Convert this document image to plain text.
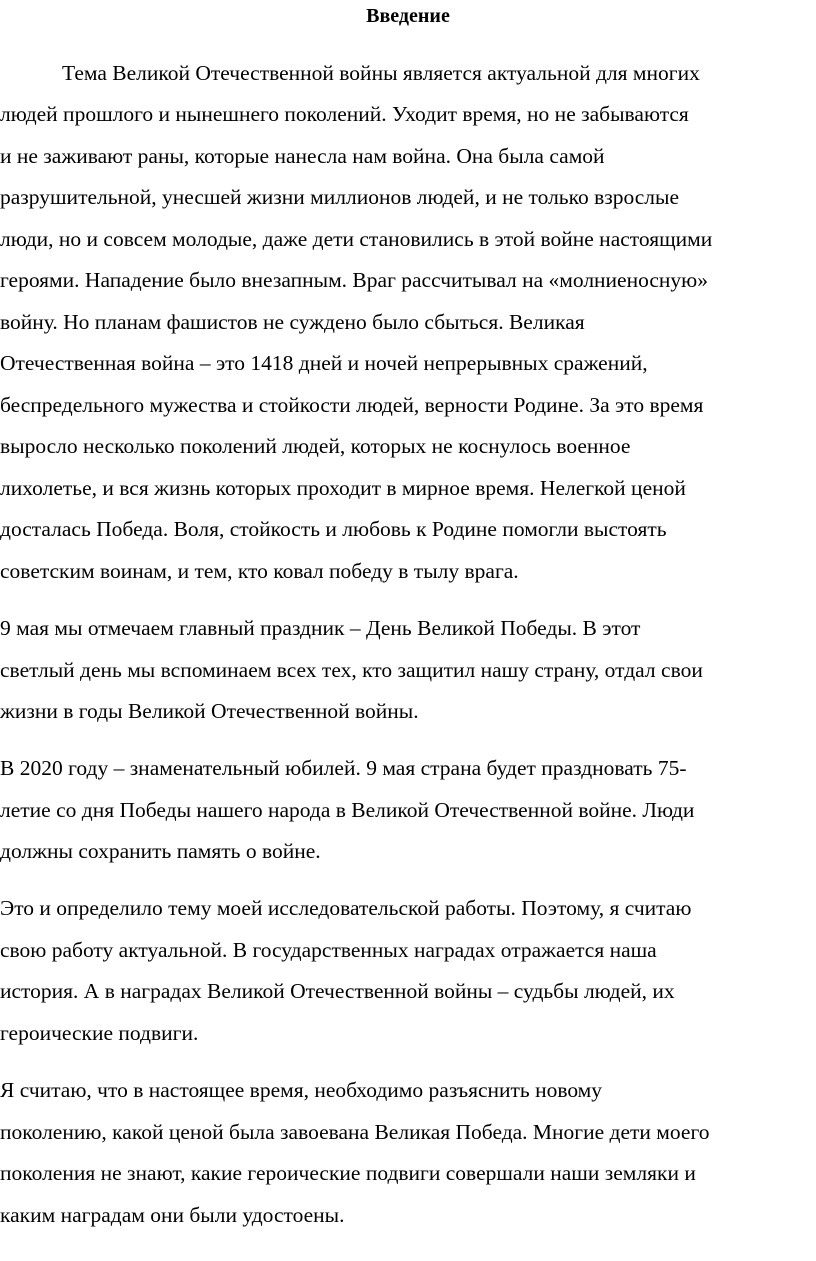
Введение
Тема Великой Отечественной войны является актуальной для многих
людей прошлого и нынешнего поколений. Уходит время, но не забываются
и не заживают раны, которые нанесла нам война. Она была самой
разрушительной, унесшей жизни миллионов людей, и не только взрослые
люди, но и совсем молодые, даже дети становились в этой войне настоящими
героями. Нападение было внезапным. Враг рассчитывал на «молниеносную»
войну. Но планам фашистов не суждено было сбыться. Великая
Отечественная война – это 1418 дней и ночей непрерывных сражений,
беспредельного мужества и стойкости людей, верности Родине. За это время
выросло несколько поколений людей, которых не коснулось военное
лихолетье, и вся жизнь которых проходит в мирное время. Нелегкой ценой
досталась Победа. Воля, стойкость и любовь к Родине помогли выстоять
советским воинам, и тем, кто ковал победу в тылу врага.
9 мая мы отмечаем главный праздник – День Великой Победы. В этот
светлый день мы вспоминаем всех тех, кто защитил нашу страну, отдал свои
жизни в годы Великой Отечественной войны.
В 2020 году – знаменательный юбилей. 9 мая страна будет праздновать 75-
летие со дня Победы нашего народа в Великой Отечественной войне. Люди
должны сохранить память о войне.
Это и определило тему моей исследовательской работы. Поэтому, я считаю
свою работу актуальной. В государственных наградах отражается наша
история. А в наградах Великой Отечественной войны – судьбы людей, их
героические подвиги.
Я считаю, что в настоящее время, необходимо разъяснить новому
поколению, какой ценой была завоевана Великая Победа. Многие дети моего
поколения не знают, какие героические подвиги совершали наши земляки и
каким наградам они были удостоены.
